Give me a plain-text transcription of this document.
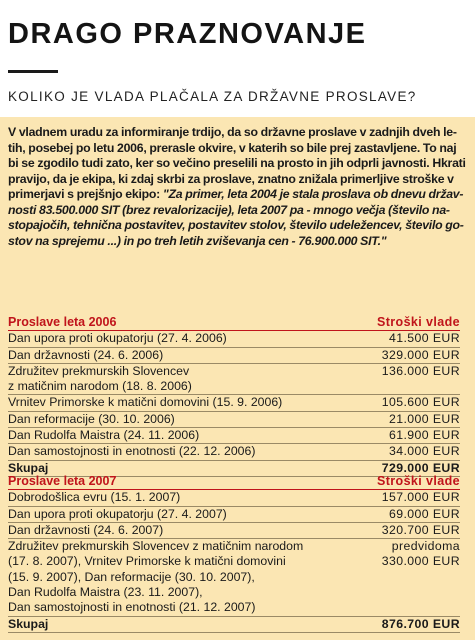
DRAGO PRAZNOVANJE
KOLIKO JE VLADA PLAČALA ZA DRŽAVNE PROSLAVE?
V vladnem uradu za informiranje trdijo, da so državne proslave v zadnjih dveh le-
tih, posebej po letu 2006, prerasle okvire, v katerih so bile prej zastavljene. To naj
bi se zgodilo tudi zato, ker so večino preselili na prosto in jih odprli javnosti. Hkrati
pravijo, da je ekipa, ki zdaj skrbi za proslave, znatno znižala primerljive stroške v
primerjavi s prejšnjo ekipo: "Za primer, leta 2004 je stala proslava ob dnevu držav-
nosti 83.500.000 SIT (brez revalorizacije), leta 2007 pa - mnogo večja (število na-
stopajočih, tehnična postavitev, postavitev stolov, število udeležencev, število go-
stov na sprejemu ...) in po treh letih zviševanja cen - 76.900.000 SIT."
Proslave leta 2006	Stroški vlade
Dan upora proti okupatorju (27. 4. 2006)	41.500 EUR
Dan državnosti (24. 6. 2006)	329.000 EUR
Združitev prekmurskih Slovencev	136.000 EUR
z matičnim narodom (18. 8. 2006)	
Vrnitev Primorske k matični domovini (15. 9. 2006)	105.600 EUR
Dan reformacije (30. 10. 2006)	21.000 EUR
Dan Rudolfa Maistra (24. 11. 2006)	61.900 EUR
Dan samostojnosti in enotnosti (22. 12. 2006)	34.000 EUR
Skupaj	729.000 EUR
Proslave leta 2007	Stroški vlade
Dobrodošlica evru (15. 1. 2007)	157.000 EUR
Dan upora proti okupatorju (27. 4. 2007)	69.000 EUR
Dan državnosti (24. 6. 2007)	320.700 EUR
Združitev prekmurskih Slovencev z matičnim narodom	predvidoma
(17. 8. 2007), Vrnitev Primorske k matični domovini	330.000 EUR
(15. 9. 2007), Dan reformacije (30. 10. 2007),	
Dan Rudolfa Maistra (23. 11. 2007),	
Dan samostojnosti in enotnosti (21. 12. 2007)	
Skupaj	876.700 EUR
